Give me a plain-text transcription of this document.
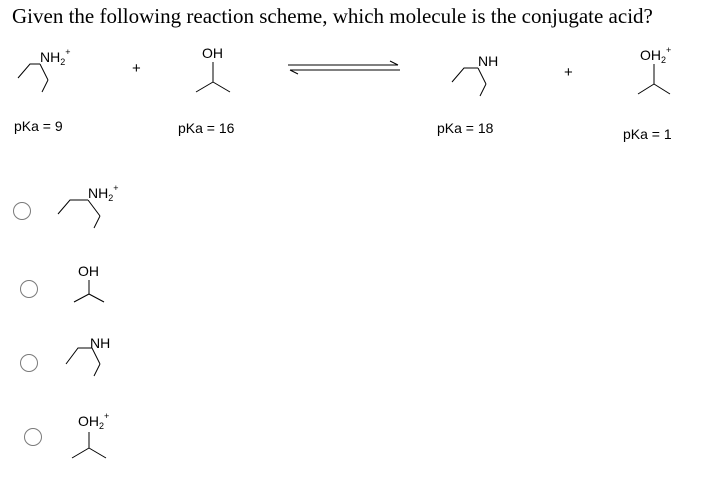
Given the following reaction scheme, which molecule is the conjugate acid?
$NH_2^+$
+
OH	NH
+
$OH_2^+$
pKa = 9	pKa = 16	pKa = 18	pKa = 1
$NH_2^+$
OH
NH
$OH_2^+$
